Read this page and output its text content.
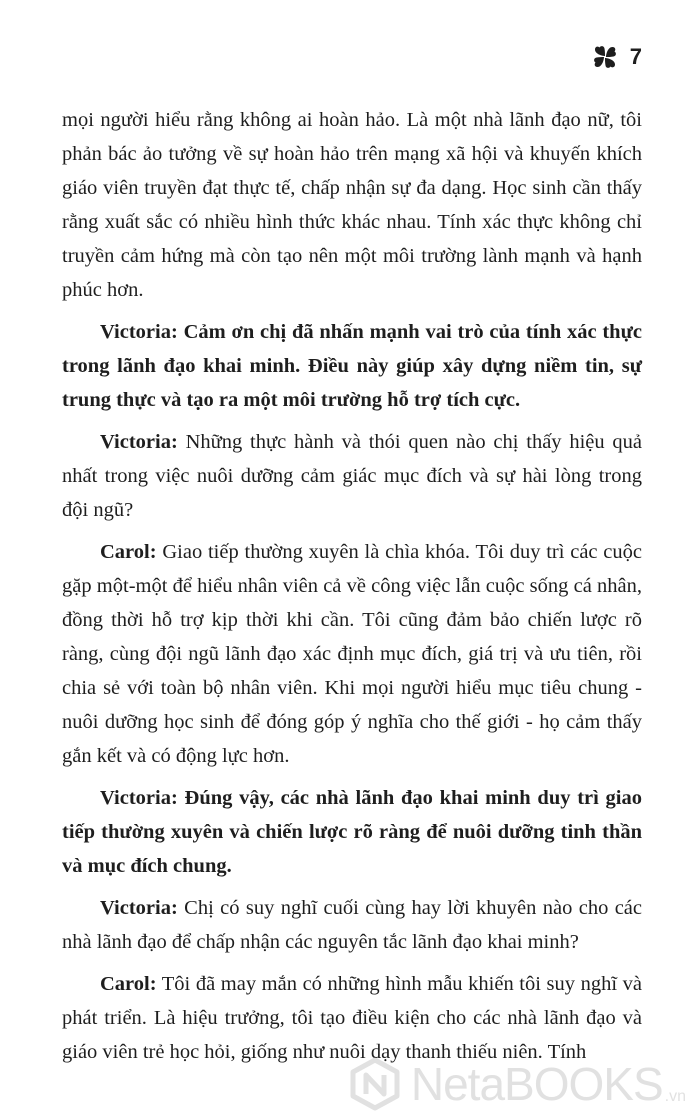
7

mọi người hiểu rằng không ai hoàn hảo. Là một nhà lãnh đạo nữ, tôi phản bác ảo tưởng về sự hoàn hảo trên mạng xã hội và khuyến khích giáo viên truyền đạt thực tế, chấp nhận sự đa dạng. Học sinh cần thấy rằng xuất sắc có nhiều hình thức khác nhau. Tính xác thực không chỉ truyền cảm hứng mà còn tạo nên một môi trường lành mạnh và hạnh phúc hơn.

Victoria: Cảm ơn chị đã nhấn mạnh vai trò của tính xác thực trong lãnh đạo khai minh. Điều này giúp xây dựng niềm tin, sự trung thực và tạo ra một môi trường hỗ trợ tích cực.

Victoria: Những thực hành và thói quen nào chị thấy hiệu quả nhất trong việc nuôi dưỡng cảm giác mục đích và sự hài lòng trong đội ngũ?

Carol: Giao tiếp thường xuyên là chìa khóa. Tôi duy trì các cuộc gặp một-một để hiểu nhân viên cả về công việc lẫn cuộc sống cá nhân, đồng thời hỗ trợ kịp thời khi cần. Tôi cũng đảm bảo chiến lược rõ ràng, cùng đội ngũ lãnh đạo xác định mục đích, giá trị và ưu tiên, rồi chia sẻ với toàn bộ nhân viên. Khi mọi người hiểu mục tiêu chung - nuôi dưỡng học sinh để đóng góp ý nghĩa cho thế giới - họ cảm thấy gắn kết và có động lực hơn.

Victoria: Đúng vậy, các nhà lãnh đạo khai minh duy trì giao tiếp thường xuyên và chiến lược rõ ràng để nuôi dưỡng tinh thần và mục đích chung.

Victoria: Chị có suy nghĩ cuối cùng hay lời khuyên nào cho các nhà lãnh đạo để chấp nhận các nguyên tắc lãnh đạo khai minh?

Carol: Tôi đã may mắn có những hình mẫu khiến tôi suy nghĩ và phát triển. Là hiệu trưởng, tôi tạo điều kiện cho các nhà lãnh đạo và giáo viên trẻ học hỏi, giống như nuôi dạy thanh thiếu niên. Tính

NetaBOOKS .vn
